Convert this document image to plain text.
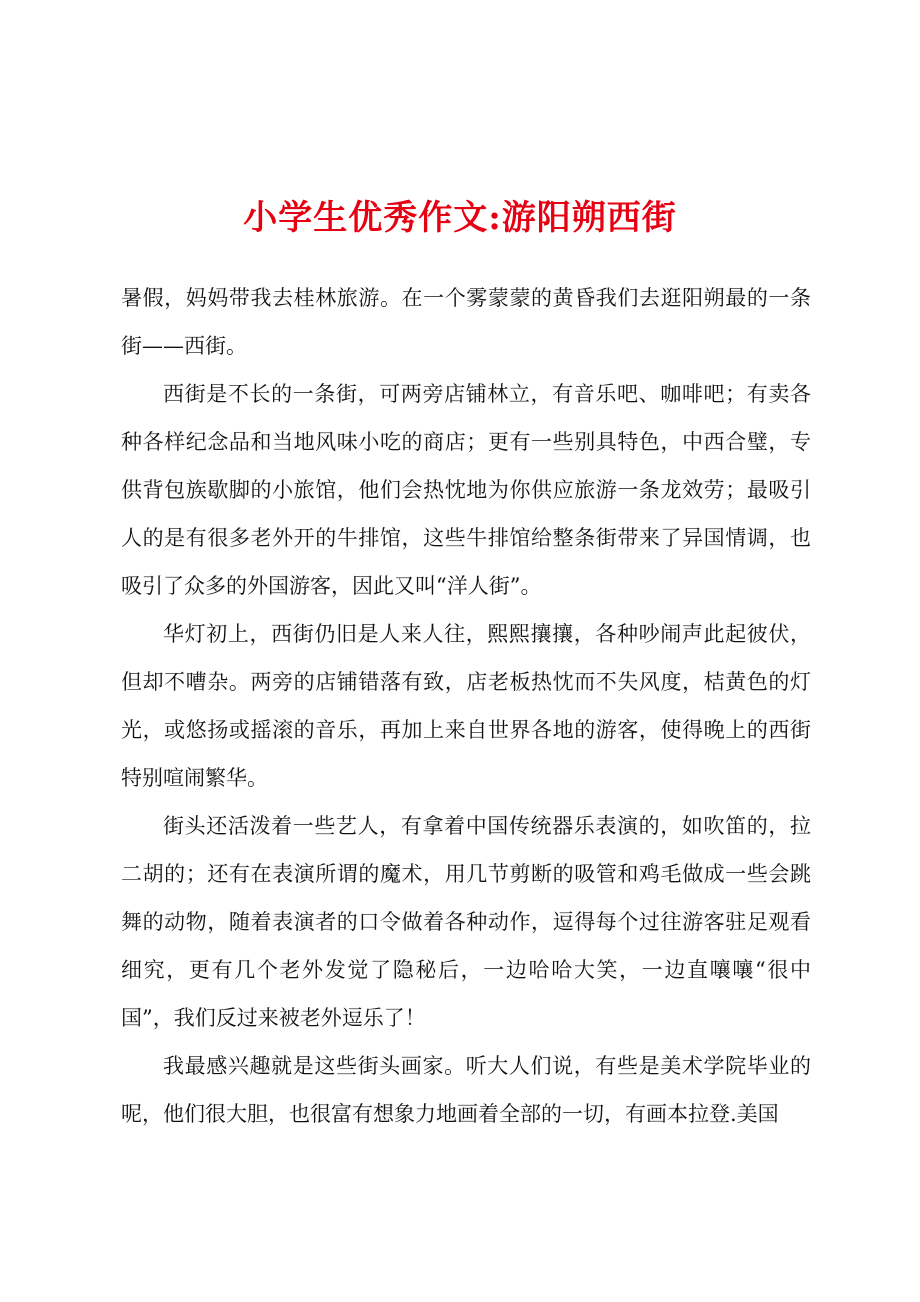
小学生优秀作文:游阳朔西街

暑假，妈妈带我去桂林旅游。在一个雾蒙蒙的黄昏我们去逛阳朔最的一条街——西街。

西街是不长的一条街，可两旁店铺林立，有音乐吧、咖啡吧；有卖各种各样纪念品和当地风味小吃的商店；更有一些别具特色，中西合璧，专供背包族歇脚的小旅馆，他们会热忱地为你供应旅游一条龙效劳；最吸引人的是有很多老外开的牛排馆，这些牛排馆给整条街带来了异国情调，也吸引了众多的外国游客，因此又叫“洋人街”。

华灯初上，西街仍旧是人来人往，熙熙攘攘，各种吵闹声此起彼伏，但却不嘈杂。两旁的店铺错落有致，店老板热忱而不失风度，桔黄色的灯光，或悠扬或摇滚的音乐，再加上来自世界各地的游客，使得晚上的西街特别喧闹繁华。

街头还活泼着一些艺人，有拿着中国传统器乐表演的，如吹笛的，拉二胡的；还有在表演所谓的魔术，用几节剪断的吸管和鸡毛做成一些会跳舞的动物，随着表演者的口令做着各种动作，逗得每个过往游客驻足观看细究，更有几个老外发觉了隐秘后，一边哈哈大笑，一边直嚷嚷“很中国”，我们反过来被老外逗乐了！

我最感兴趣就是这些街头画家。听大人们说，有些是美术学院毕业的呢，他们很大胆，也很富有想象力地画着全部的一切，有画本拉登.美国
